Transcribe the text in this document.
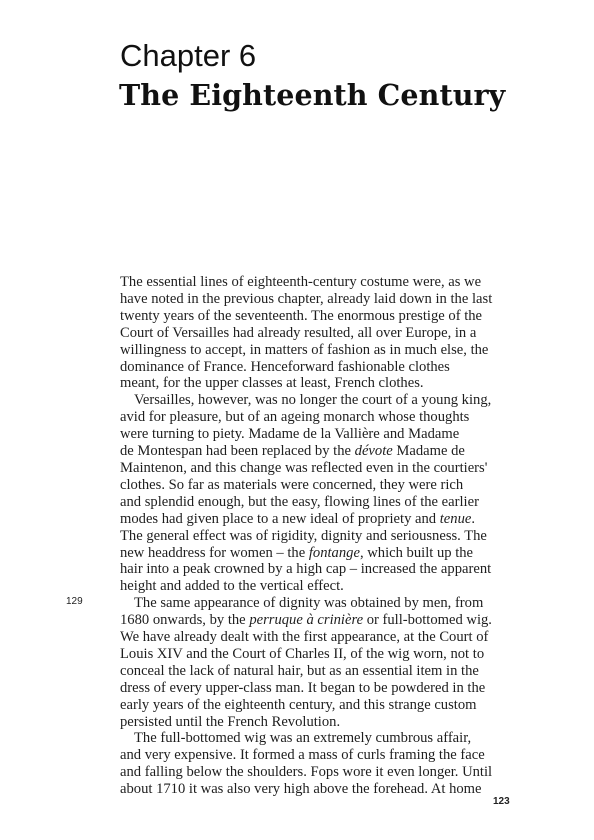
Chapter 6
The Eighteenth Century
The essential lines of eighteenth-century costume were, as we
have noted in the previous chapter, already laid down in the last
twenty years of the seventeenth. The enormous prestige of the
Court of Versailles had already resulted, all over Europe, in a
willingness to accept, in matters of fashion as in much else, the
dominance of France. Henceforward fashionable clothes
meant, for the upper classes at least, French clothes.
Versailles, however, was no longer the court of a young king,
avid for pleasure, but of an ageing monarch whose thoughts
were turning to piety. Madame de la Vallière and Madame
de Montespan had been replaced by the dévote Madame de
Maintenon, and this change was reflected even in the courtiers'
clothes. So far as materials were concerned, they were rich
and splendid enough, but the easy, flowing lines of the earlier
modes had given place to a new ideal of propriety and tenue.
The general effect was of rigidity, dignity and seriousness. The
new headdress for women – the fontange, which built up the
hair into a peak crowned by a high cap – increased the apparent
height and added to the vertical effect.
The same appearance of dignity was obtained by men, from
1680 onwards, by the perruque à crinière or full-bottomed wig.
We have already dealt with the first appearance, at the Court of
Louis XIV and the Court of Charles II, of the wig worn, not to
conceal the lack of natural hair, but as an essential item in the
dress of every upper-class man. It began to be powdered in the
early years of the eighteenth century, and this strange custom
persisted until the French Revolution.
The full-bottomed wig was an extremely cumbrous affair,
and very expensive. It formed a mass of curls framing the face
and falling below the shoulders. Fops wore it even longer. Until
about 1710 it was also very high above the forehead. At home
129
123
